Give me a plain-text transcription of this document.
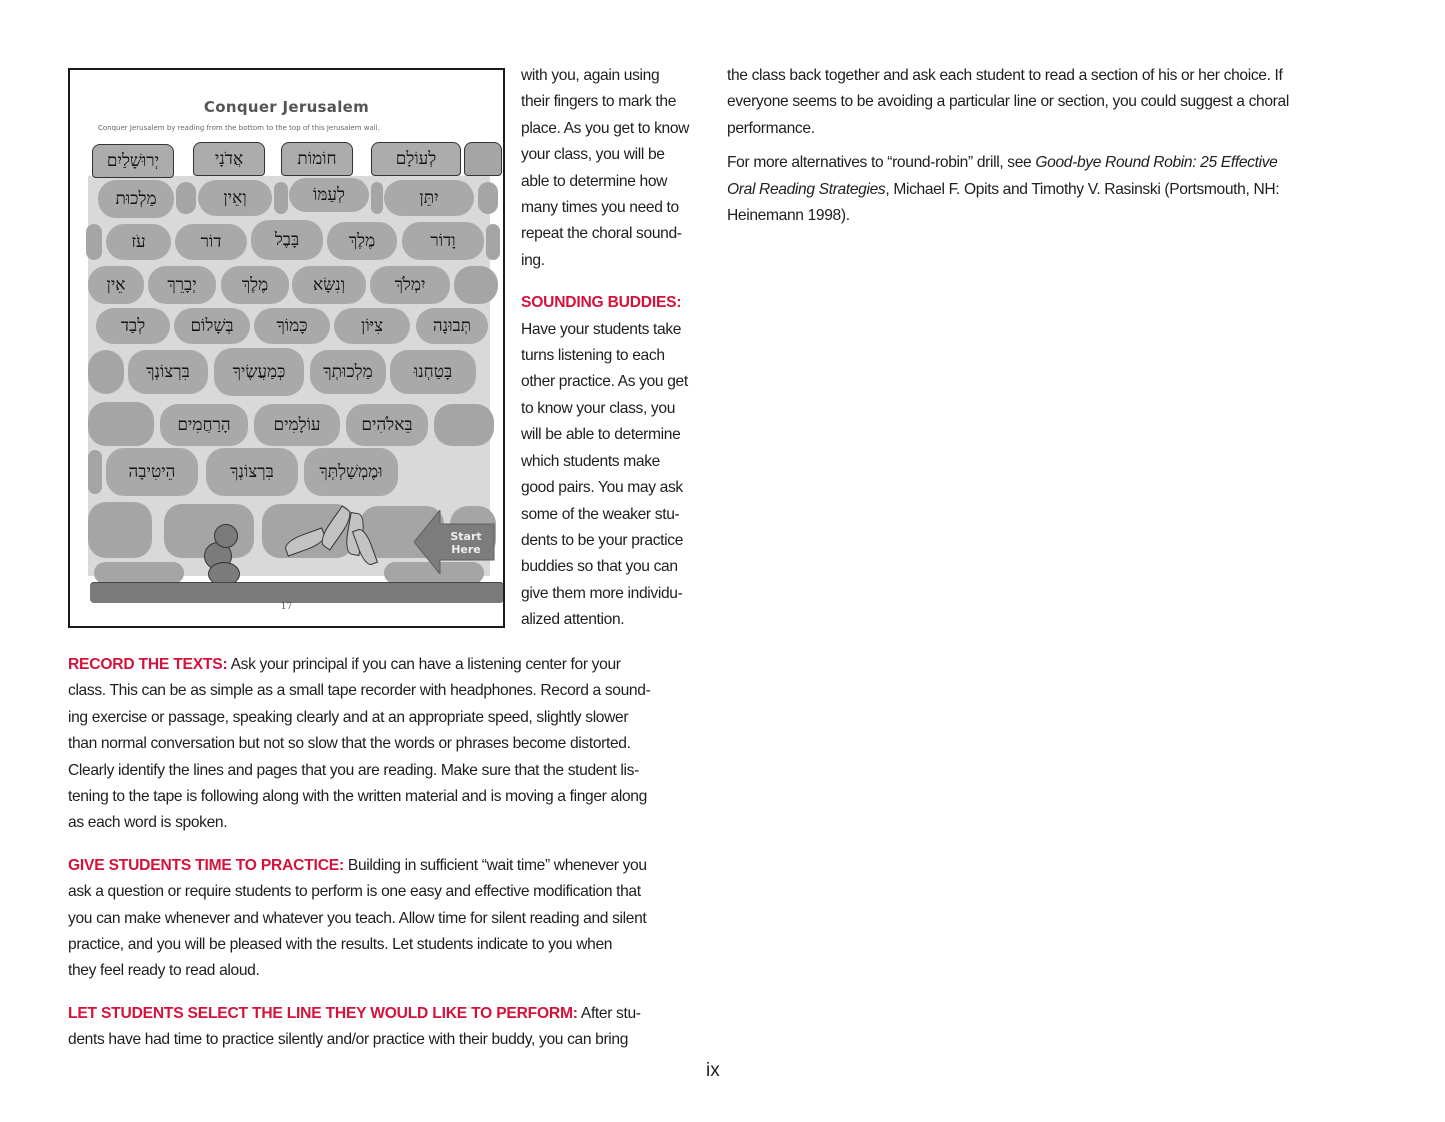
Conquer Jerusalem
Conquer Jerusalem by reading from the bottom to the top of this Jerusalem wall.
לְעוֹלָם
חוֹמוֹת
אֲדֹנָי
יְרוּשָׁלַיִם
יִתֵּן
לְעַמּוֹ
וְאֵין
מַלְכוּת
וָדוֹר
מֶלֶךְ
בָּבֶל
דוֹר
עֹז
יִמְלֹךְ
וְנִשָּׂא
מֶלֶךְ
יְבָרֵךְ
אֵין
תְּבוּנָה
צִיּוֹן
כָּמוֹךָ
בְּשָׁלוֹם
לְבַד
בָּטַחְנוּ
מַלְכוּתְךָ
כְּמַעֲשֶׂיךָ
בִּרְצוֹנְךָ
בֵּאלֹהִים
עוֹלָמִים
הָרַחֲמִים
וּמֶמְשַׁלְתְּךָ
בִּרְצוֹנְךָ
הֵיטִיבָה
Start
Here
17
with you, again using
their fingers to mark the
place. As you get to know
your class, you will be
able to determine how
many times you need to
repeat the choral sound-
ing.
SOUNDING BUDDIES:
Have your students take
turns listening to each
other practice. As you get
to know your class, you
will be able to determine
which students make
good pairs. You may ask
some of the weaker stu-
dents to be your practice
buddies so that you can
give them more individu-
alized attention.
RECORD THE TEXTS: Ask your principal if you can have a listening center for your
class. This can be as simple as a small tape recorder with headphones. Record a sound-
ing exercise or passage, speaking clearly and at an appropriate speed, slightly slower
than normal conversation but not so slow that the words or phrases become distorted.
Clearly identify the lines and pages that you are reading. Make sure that the student lis-
tening to the tape is following along with the written material and is moving a finger along
as each word is spoken.
GIVE STUDENTS TIME TO PRACTICE: Building in sufficient “wait time” whenever you
ask a question or require students to perform is one easy and effective modification that
you can make whenever and whatever you teach. Allow time for silent reading and silent
practice, and you will be pleased with the results. Let students indicate to you when
they feel ready to read aloud.
LET STUDENTS SELECT THE LINE THEY WOULD LIKE TO PERFORM: After stu-
dents have had time to practice silently and/or practice with their buddy, you can bring
the class back together and ask each student to read a section of his or her choice. If
everyone seems to be avoiding a particular line or section, you could suggest a choral
performance.
For more alternatives to “round-robin” drill, see Good-bye Round Robin: 25 Effective
Oral Reading Strategies, Michael F. Opits and Timothy V. Rasinski (Portsmouth, NH:
Heinemann 1998).
ix
